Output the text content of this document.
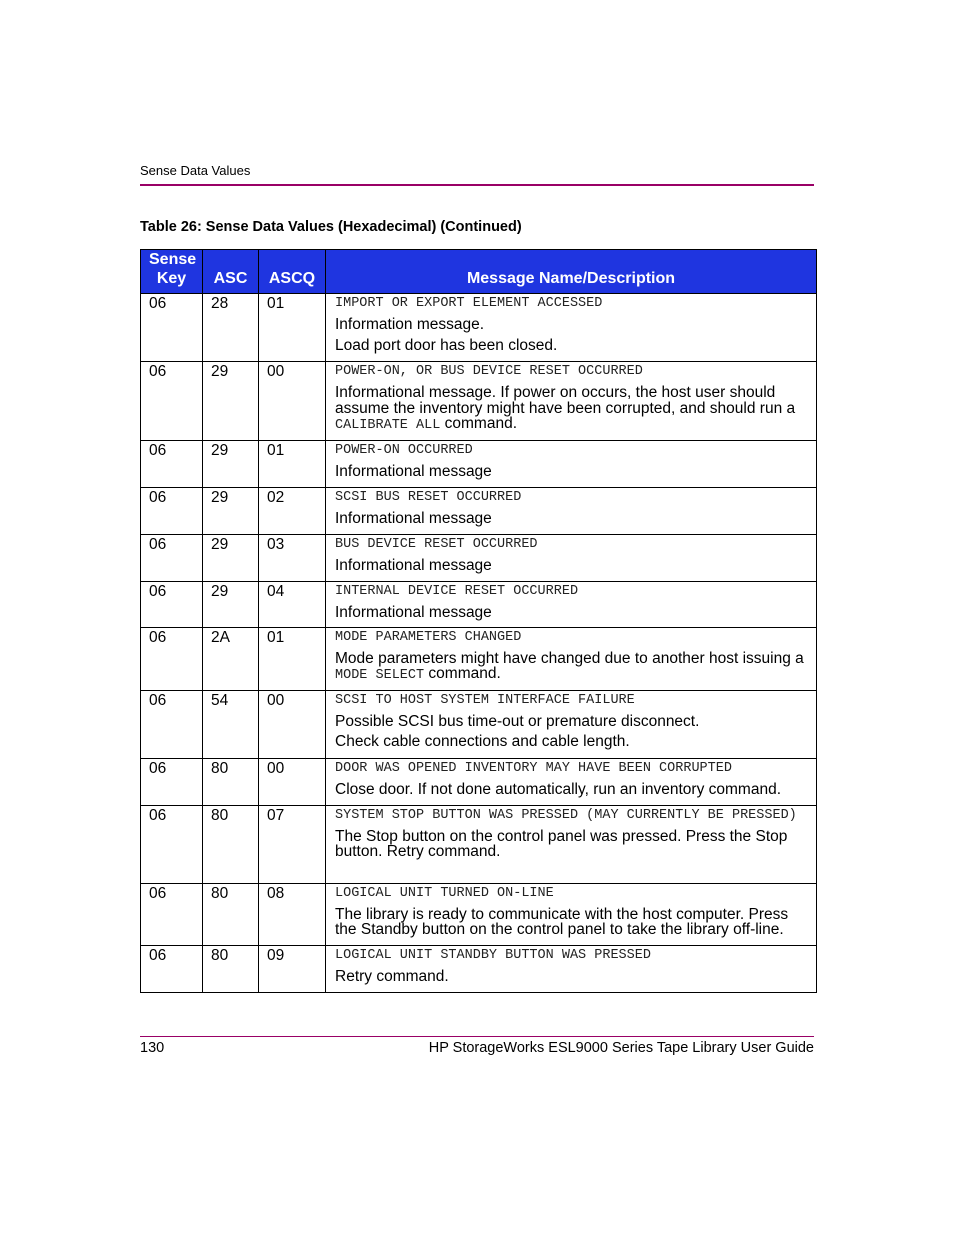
Sense Data Values
Table 26: Sense Data Values (Hexadecimal) (Continued)
Sense Key	ASC	ASCQ	Message Name/Description
06	28	01	IMPORT OR EXPORT ELEMENT ACCESSED
Information message.
Load port door has been closed.

06	29	00	POWER-ON, OR BUS DEVICE RESET OCCURRED
Informational message. If power on occurs, the host user should assume the inventory might have been corrupted, and should run a CALIBRATE ALL command.

06	29	01	POWER-ON OCCURRED
Informational message

06	29	02	SCSI BUS RESET OCCURRED
Informational message

06	29	03	BUS DEVICE RESET OCCURRED
Informational message

06	29	04	INTERNAL DEVICE RESET OCCURRED
Informational message

06	2A	01	MODE PARAMETERS CHANGED
Mode parameters might have changed due to another host issuing a MODE SELECT command.

06	54	00	SCSI TO HOST SYSTEM INTERFACE FAILURE
Possible SCSI bus time-out or premature disconnect.
Check cable connections and cable length.

06	80	00	DOOR WAS OPENED INVENTORY MAY HAVE BEEN CORRUPTED
Close door. If not done automatically, run an inventory command.

06	80	07	SYSTEM STOP BUTTON WAS PRESSED (MAY CURRENTLY BE PRESSED)
The Stop button on the control panel was pressed. Press the Stop button. Retry command.

06	80	08	LOGICAL UNIT TURNED ON-LINE
The library is ready to communicate with the host computer. Press the Standby button on the control panel to take the library off-line.

06	80	09	LOGICAL UNIT STANDBY BUTTON WAS PRESSED
Retry command.
130	HP StorageWorks ESL9000 Series Tape Library User Guide
